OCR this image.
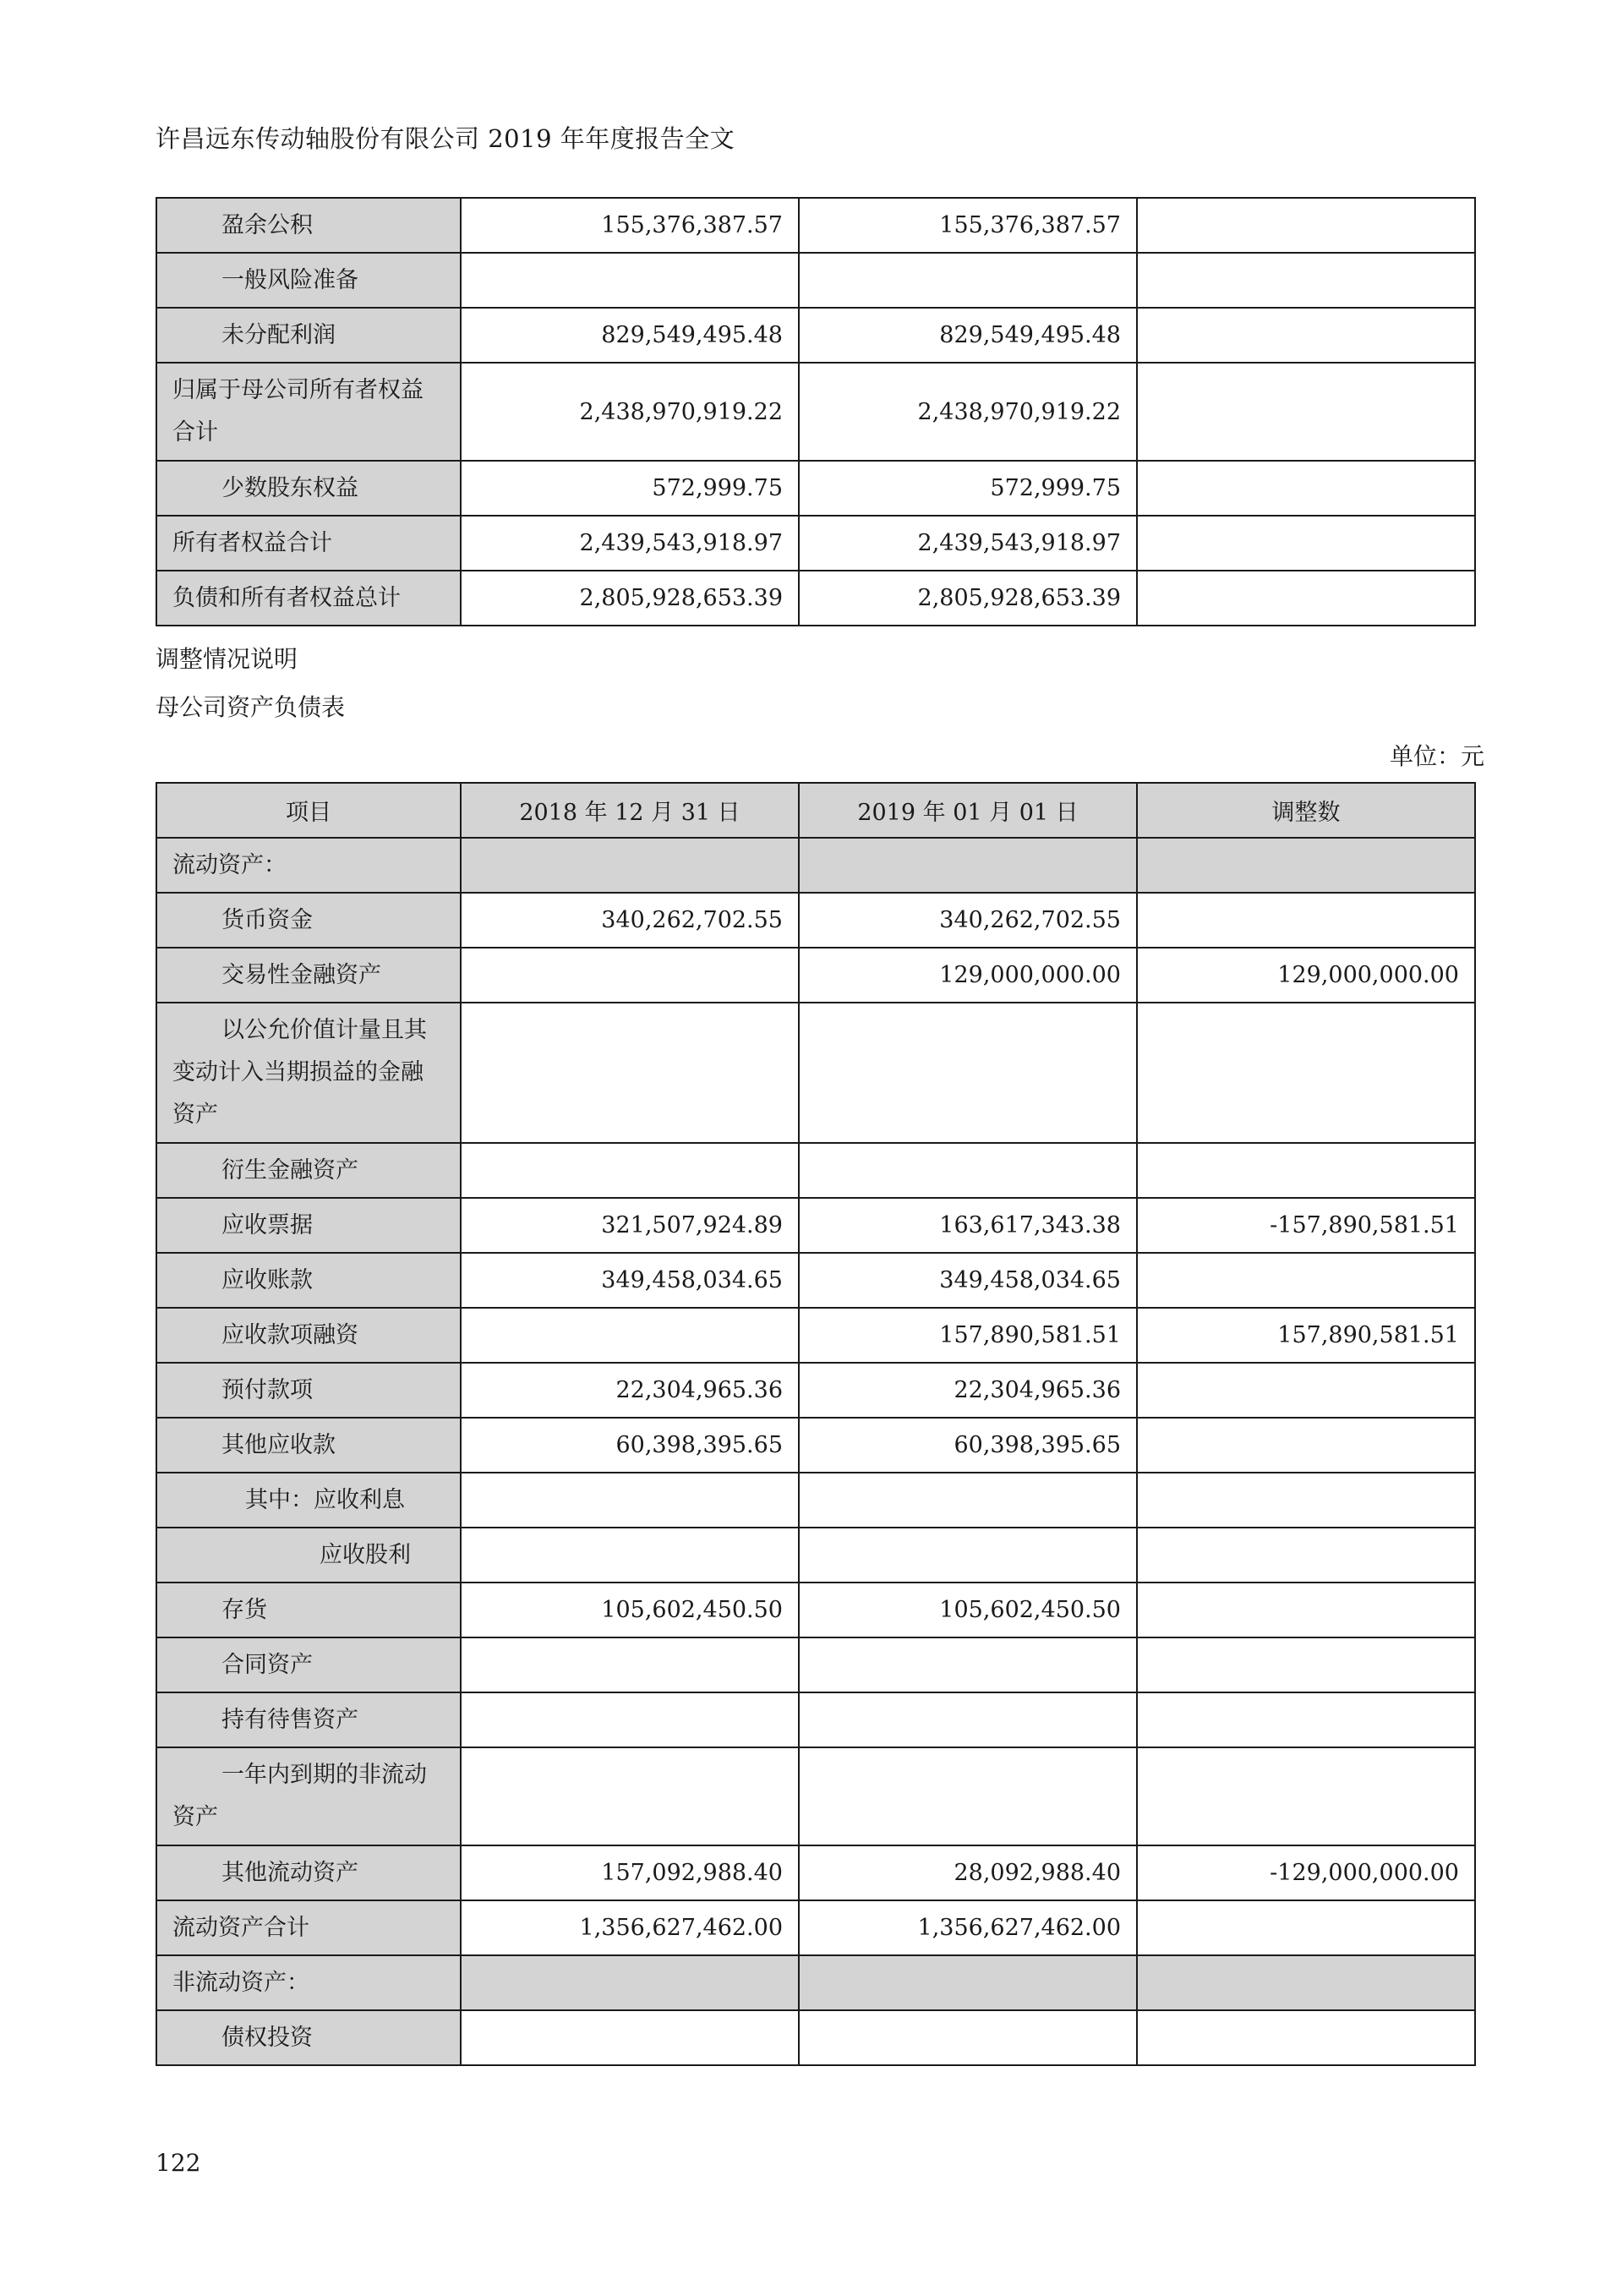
许昌远东传动轴股份有限公司 2019 年年度报告全文
盈余公积	155,376,387.57	155,376,387.57	
一般风险准备			
未分配利润	829,549,495.48	829,549,495.48	

归属于母公司所有者权益
合计	2,438,970,919.22	2,438,970,919.22	
少数股东权益	572,999.75	572,999.75	
所有者权益合计	2,439,543,918.97	2,439,543,918.97	
负债和所有者权益总计	2,805,928,653.39	2,805,928,653.39	
调整情况说明
母公司资产负债表
单位：元
项目	2018 年 12 月 31 日	2019 年 01 月 01 日	调整数
流动资产：			
货币资金	340,262,702.55	340,262,702.55	
交易性金融资产		129,000,000.00	129,000,000.00

以公允价值计量且其
变动计入当期损益的金融
资产			

衍生金融资产			
应收票据	321,507,924.89	163,617,343.38	-157,890,581.51
应收账款	349,458,034.65	349,458,034.65	
应收款项融资		157,890,581.51	157,890,581.51
预付款项	22,304,965.36	22,304,965.36	
其他应收款	60,398,395.65	60,398,395.65	
其中：应收利息			
应收股利			
存货	105,602,450.50	105,602,450.50	
合同资产			
持有待售资产			

一年内到期的非流动
资产			

其他流动资产	157,092,988.40	28,092,988.40	-129,000,000.00
流动资产合计	1,356,627,462.00	1,356,627,462.00	
非流动资产：			
债权投资			
122
